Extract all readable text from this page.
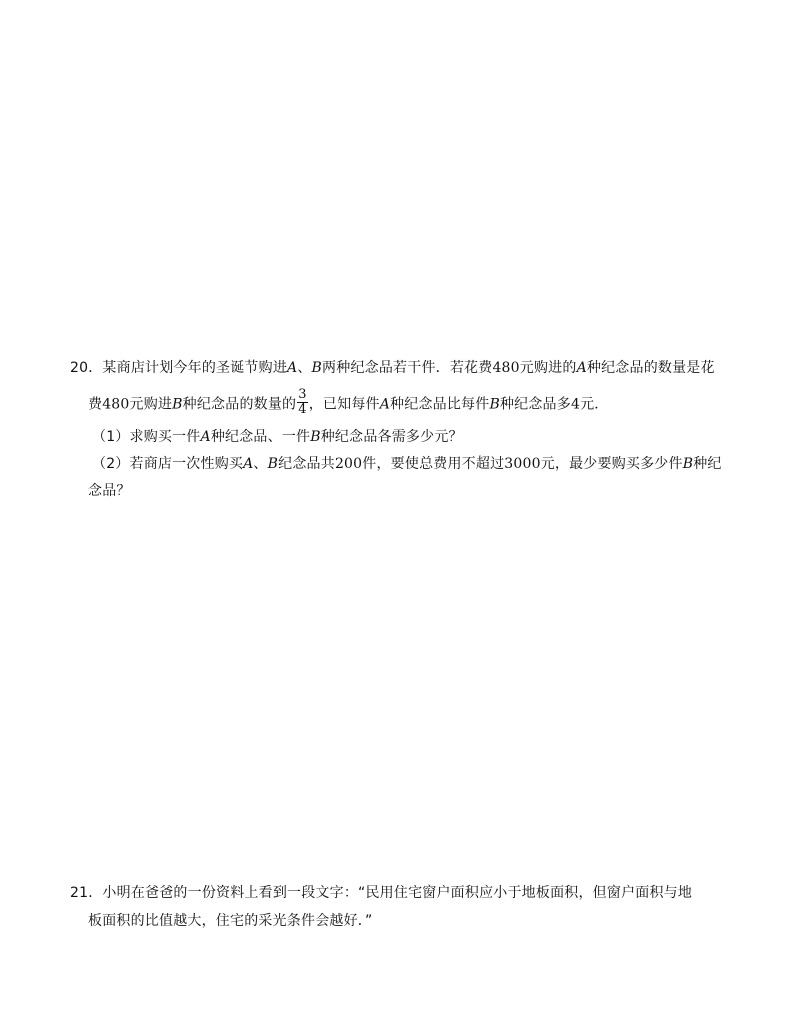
20．某商店计划今年的圣诞节购进A、B两种纪念品若干件．若花费480元购进的A种纪念品的数量是花
费480元购进B种纪念品的数量的 $\frac{3}{4}$ ，已知每件A种纪念品比每件B种纪念品多4元．
（1）求购买一件A种纪念品、一件B种纪念品各需多少元？
（2）若商店一次性购买A、B纪念品共200件，要使总费用不超过3000元，最少要购买多少件B种纪
念品？
21．小明在爸爸的一份资料上看到一段文字：“民用住宅窗户面积应小于地板面积，但窗户面积与地
板面积的比值越大，住宅的采光条件会越好．”
